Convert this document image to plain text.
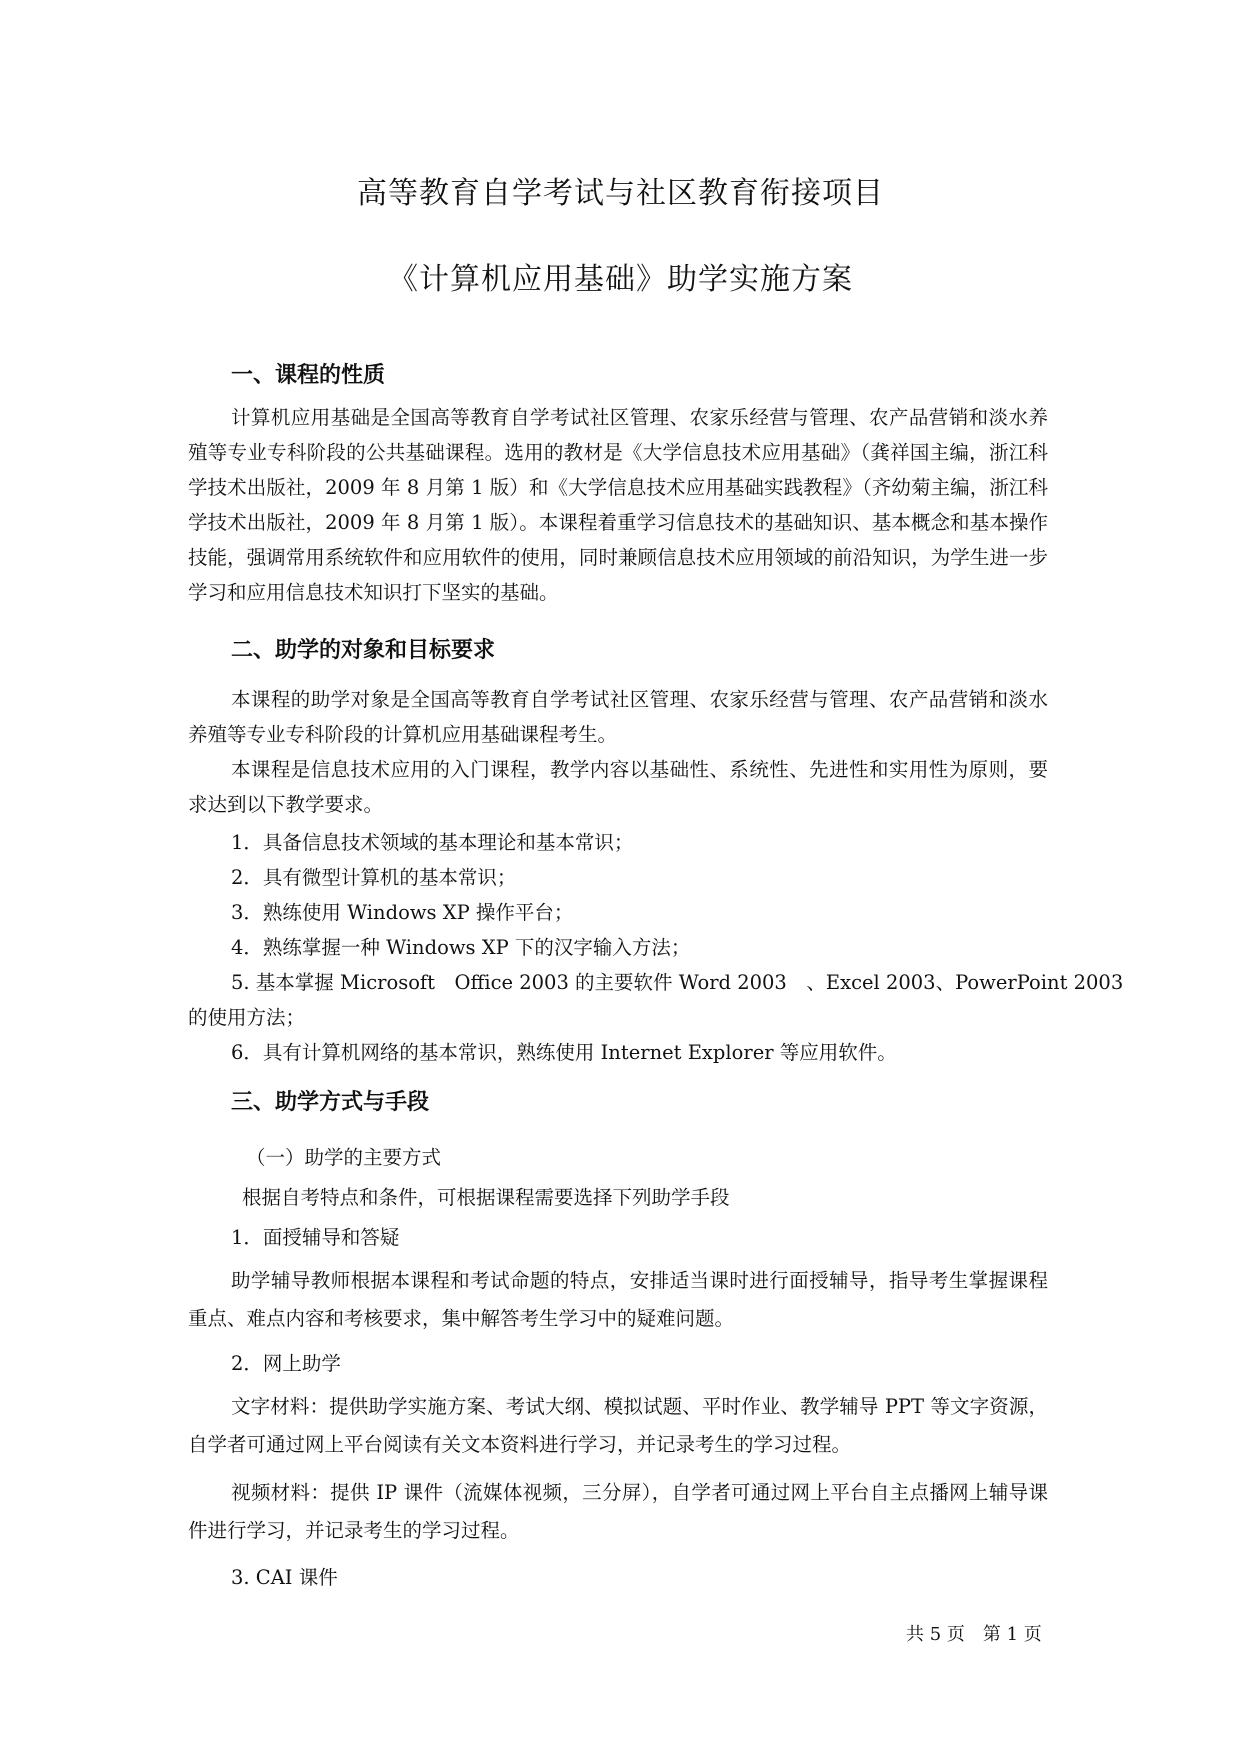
高等教育自学考试与社区教育衔接项目
《计算机应用基础》助学实施方案
一、课程的性质
计算机应用基础是全国高等教育自学考试社区管理、农家乐经营与管理、农产品营销和淡水养殖等专业专科阶段的公共基础课程。选用的教材是《大学信息技术应用基础》（龚祥国主编，浙江科学技术出版社，2009 年 8 月第 1 版）和《大学信息技术应用基础实践教程》（齐幼菊主编，浙江科学技术出版社，2009 年 8 月第 1 版）。本课程着重学习信息技术的基础知识、基本概念和基本操作技能，强调常用系统软件和应用软件的使用，同时兼顾信息技术应用领域的前沿知识，为学生进一步学习和应用信息技术知识打下坚实的基础。
二、助学的对象和目标要求
本课程的助学对象是全国高等教育自学考试社区管理、农家乐经营与管理、农产品营销和淡水养殖等专业专科阶段的计算机应用基础课程考生。
本课程是信息技术应用的入门课程，教学内容以基础性、系统性、先进性和实用性为原则，要求达到以下教学要求。
1．具备信息技术领域的基本理论和基本常识；
2．具有微型计算机的基本常识；
3．熟练使用 Windows XP 操作平台；
4．熟练掌握一种 Windows XP 下的汉字输入方法；
5. 基本掌握 Microsoft　Office 2003 的主要软件 Word 2003　、Excel 2003、PowerPoint 2003
的使用方法；
6．具有计算机网络的基本常识，熟练使用 Internet Explorer 等应用软件。
三、助学方式与手段
（一）助学的主要方式
根据自考特点和条件，可根据课程需要选择下列助学手段
1．面授辅导和答疑
助学辅导教师根据本课程和考试命题的特点，安排适当课时进行面授辅导，指导考生掌握课程重点、难点内容和考核要求，集中解答考生学习中的疑难问题。
2．网上助学
文字材料：提供助学实施方案、考试大纲、模拟试题、平时作业、教学辅导 PPT 等文字资源，自学者可通过网上平台阅读有关文本资料进行学习，并记录考生的学习过程。
视频材料：提供 IP 课件（流媒体视频，三分屏），自学者可通过网上平台自主点播网上辅导课件进行学习，并记录考生的学习过程。
3. CAI 课件
共 5 页　第 1 页
